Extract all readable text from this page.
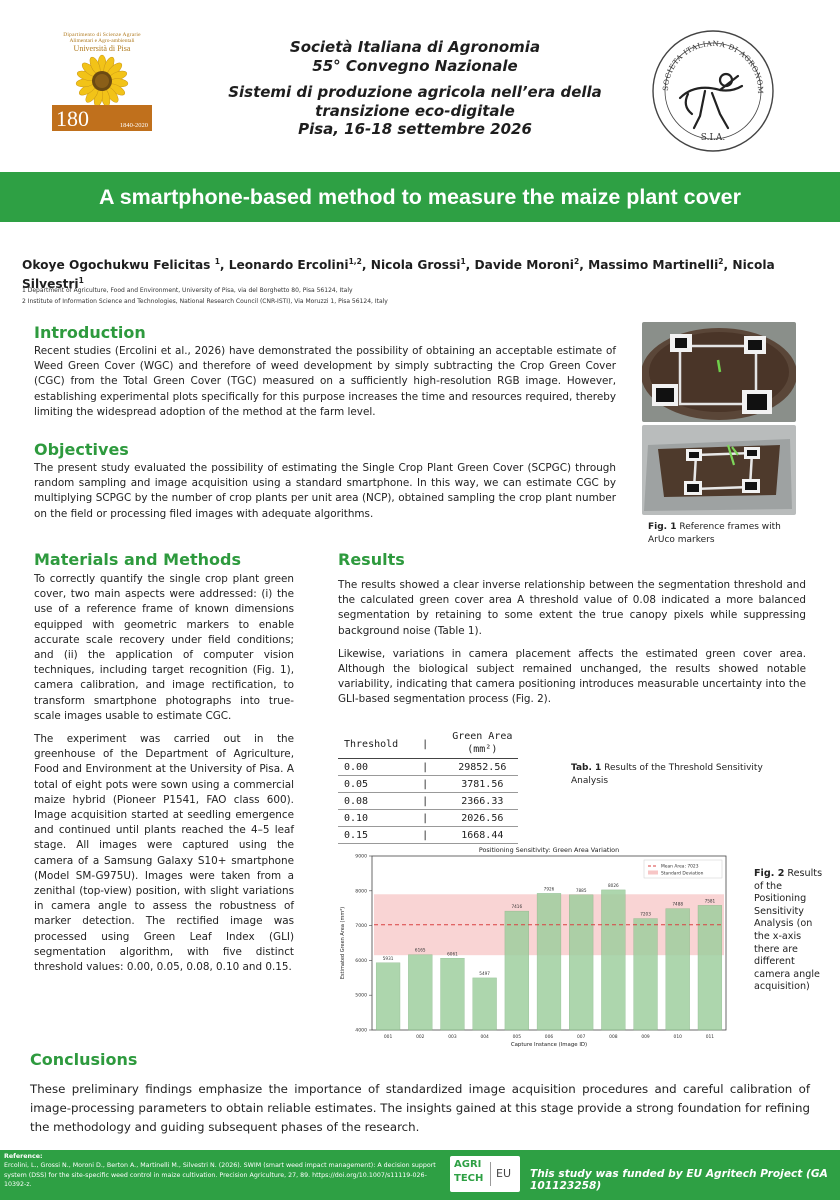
Dipartimento di Scienze Agrarie
Alimentari e Agro-ambientali
Università di Pisa
180	1840-2020
Società Italiana di Agronomia
55° Convegno Nazionale
Sistemi di produzione agricola nell’era della
transizione eco-digitale
Pisa, 16-18 settembre 2026
SOCIETA ITALIANA DI AGRONOM
S.I.A.
A smartphone-based method to measure the maize plant cover
Okoye Ogochukwu Felicitas $^1$, Leonardo Ercolini$^{1,2}$, Nicola Grossi$^1$, Davide Moroni$^2$, Massimo Martinelli$^2$, Nicola Silvestri$^1$
1 Department of Agriculture, Food and Environment, University of Pisa, via del Borghetto 80, Pisa 56124, Italy
2 Institute of Information Science and Technologies, National Research Council (CNR-ISTI), Via Moruzzi 1, Pisa 56124, Italy
Introduction
Recent studies (Ercolini et al., 2026) have demonstrated the possibility of obtaining an acceptable estimate of Weed Green Cover (WGC) and therefore of weed development by simply subtracting the Crop Green Cover (CGC) from the Total Green Cover (TGC) measured on a sufficiently high-resolution RGB image. However, establishing experimental plots specifically for this purpose increases the time and resources required, thereby limiting the widespread adoption of the method at the farm level.
Objectives
The present study evaluated the possibility of estimating the Single Crop Plant Green Cover (SCPGC) through random sampling and image acquisition using a standard smartphone. In this way, we can estimate CGC by multiplying SCPGC by the number of crop plants per unit area (NCP), obtained sampling the crop plant number on the field or processing filed images with adequate algorithms.
Fig. 1 Reference frames with ArUco markers
Materials and Methods

To correctly quantify the single crop plant green cover, two main aspects were addressed: (i) the use of a reference frame of known dimensions equipped with geometric markers to enable accurate scale recovery under field conditions; and (ii) the application of computer vision techniques, including target recognition (Fig. 1), camera calibration, and image rectification, to transform smartphone photographs into true-scale images usable to estimate CGC.

The experiment was carried out in the greenhouse of the Department of Agriculture, Food and Environment at the University of Pisa. A total of eight pots were sown using a commercial maize hybrid (Pioneer P1541, FAO class 600). Image acquisition started at seedling emergence and continued until plants reached the 4–5 leaf stage. All images were captured using the camera of a Samsung Galaxy S10+ smartphone (Model SM-G975U). Images were taken from a zenithal (top-view) position, with slight variations in camera angle to assess the robustness of marker detection. The rectified image was processed using Green Leaf Index (GLI) segmentation algorithm, with five distinct threshold values: 0.00, 0.05, 0.08, 0.10 and 0.15.

Results

The results showed a clear inverse relationship between the segmentation threshold and the calculated green cover area A threshold value of 0.08 indicated a more balanced segmentation by retaining to some extent the true canopy pixels while suppressing background noise (Table 1).

Likewise, variations in camera placement affects the estimated green cover area. Although the biological subject remained unchanged, the results showed notable variability, indicating that camera positioning introduces measurable uncertainty into the GLI-based segmentation process (Fig. 2).

Threshold	|	Green Area
(mm²)

0.00	|	29852.56
0.05	|	3781.56
0.08	|	2366.33
0.10	|	2026.56
0.15	|	1668.44
Tab. 1 Results of the Threshold Sensitivity Analysis
5931
001
6165
002
6061
003
5497
004
7416
005
7926
006
7885
007
8026
008
7203
009
7488
010
7581
011
4000
5000
6000
7000
8000
9000
Positioning Sensitivity: Green Area Variation
Capture Instance (Image ID)
Estimated Green Area (mm²)
Mean Area: 7023
Standard Deviation	Fig. 2 Results of the Positioning Sensitivity Analysis (on the x-axis there are different camera angle acquisition)
Conclusions
These preliminary findings emphasize the importance of standardized image acquisition procedures and careful calibration of image-processing parameters to obtain reliable estimates. The insights gained at this stage provide a strong foundation for refining the methodology and guiding subsequent phases of the research.
Reference:
Ercolini, L., Grossi N., Moroni D., Berton A., Martinelli M., Silvestri N. (2026). SWIM (smart weed impact management): A decision support system (DSS) for the site-specific weed control in maize cultivation. Precision Agriculture, 27, 89. https://doi.org/10.1007/s11119-026-10392-z.
AGRI
TECH EU This study was funded by EU Agritech Project (GA 101123258)
